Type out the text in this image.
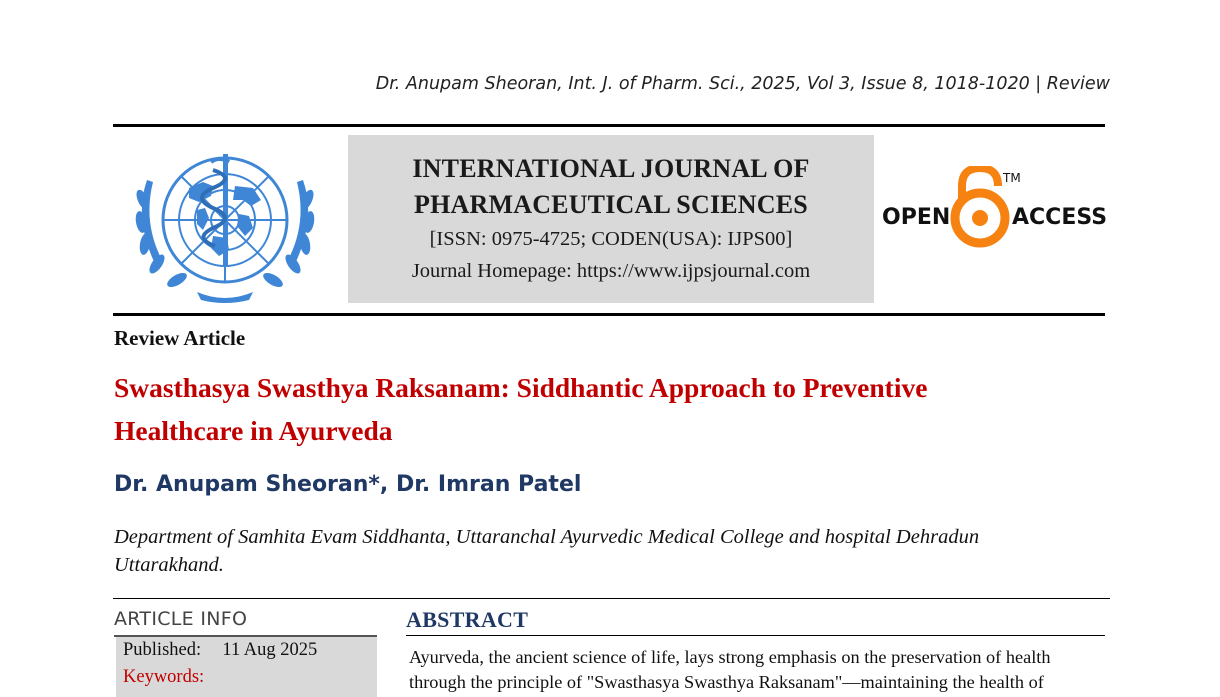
Dr. Anupam Sheoran, Int. J. of Pharm. Sci., 2025, Vol 3, Issue 8, 1018-1020 | Review
INTERNATIONAL JOURNAL OF
PHARMACEUTICAL SCIENCES
[ISSN: 0975-4725; CODEN(USA): IJPS00]
Journal Homepage: https://www.ijpsjournal.com
OPEN	ACCESS
TM
Review Article
Swasthasya Swasthya Raksanam: Siddhantic Approach to Preventive
Healthcare in Ayurveda
Dr. Anupam Sheoran*, Dr. Imran Patel
Department of Samhita Evam Siddhanta, Uttaranchal Ayurvedic Medical College and hospital Dehradun
Uttarakhand.
ARTICLE INFO
Published: 11 Aug 2025
Keywords:
ABSTRACT
Ayurveda, the ancient science of life, lays strong emphasis on the preservation of health
through the principle of "Swasthasya Swasthya Raksanam"—maintaining the health of
